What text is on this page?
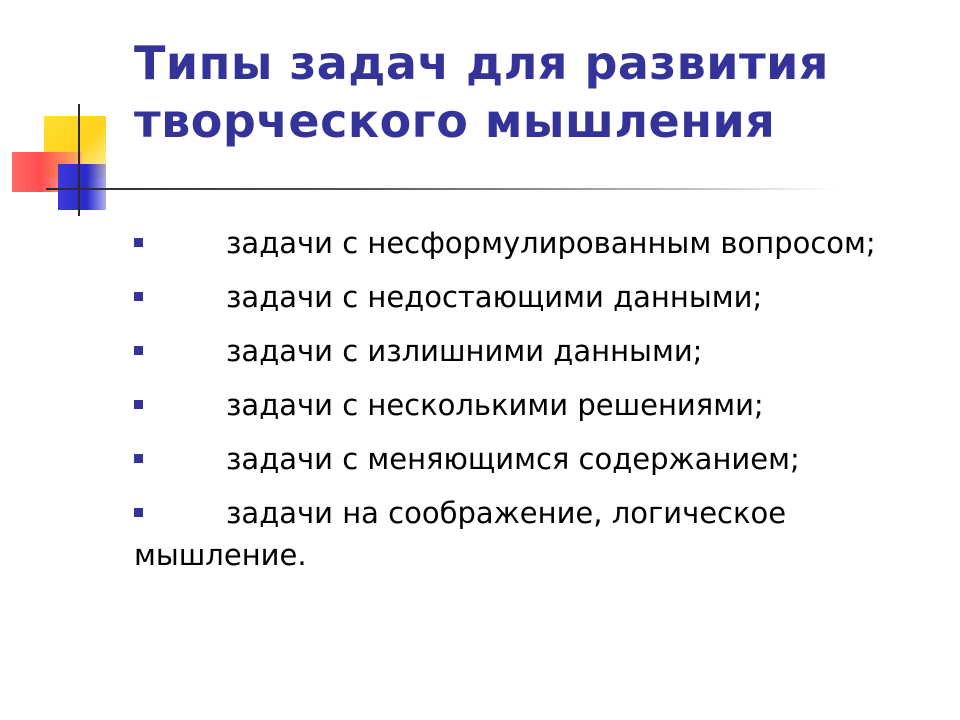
Типы задач для развития творческого мышления
задачи с несформулированным вопросом;
задачи с недостающими данными;
задачи с излишними данными;
задачи с несколькими решениями;
задачи с меняющимся содержанием;
задачи на соображение, логическое мышление.
